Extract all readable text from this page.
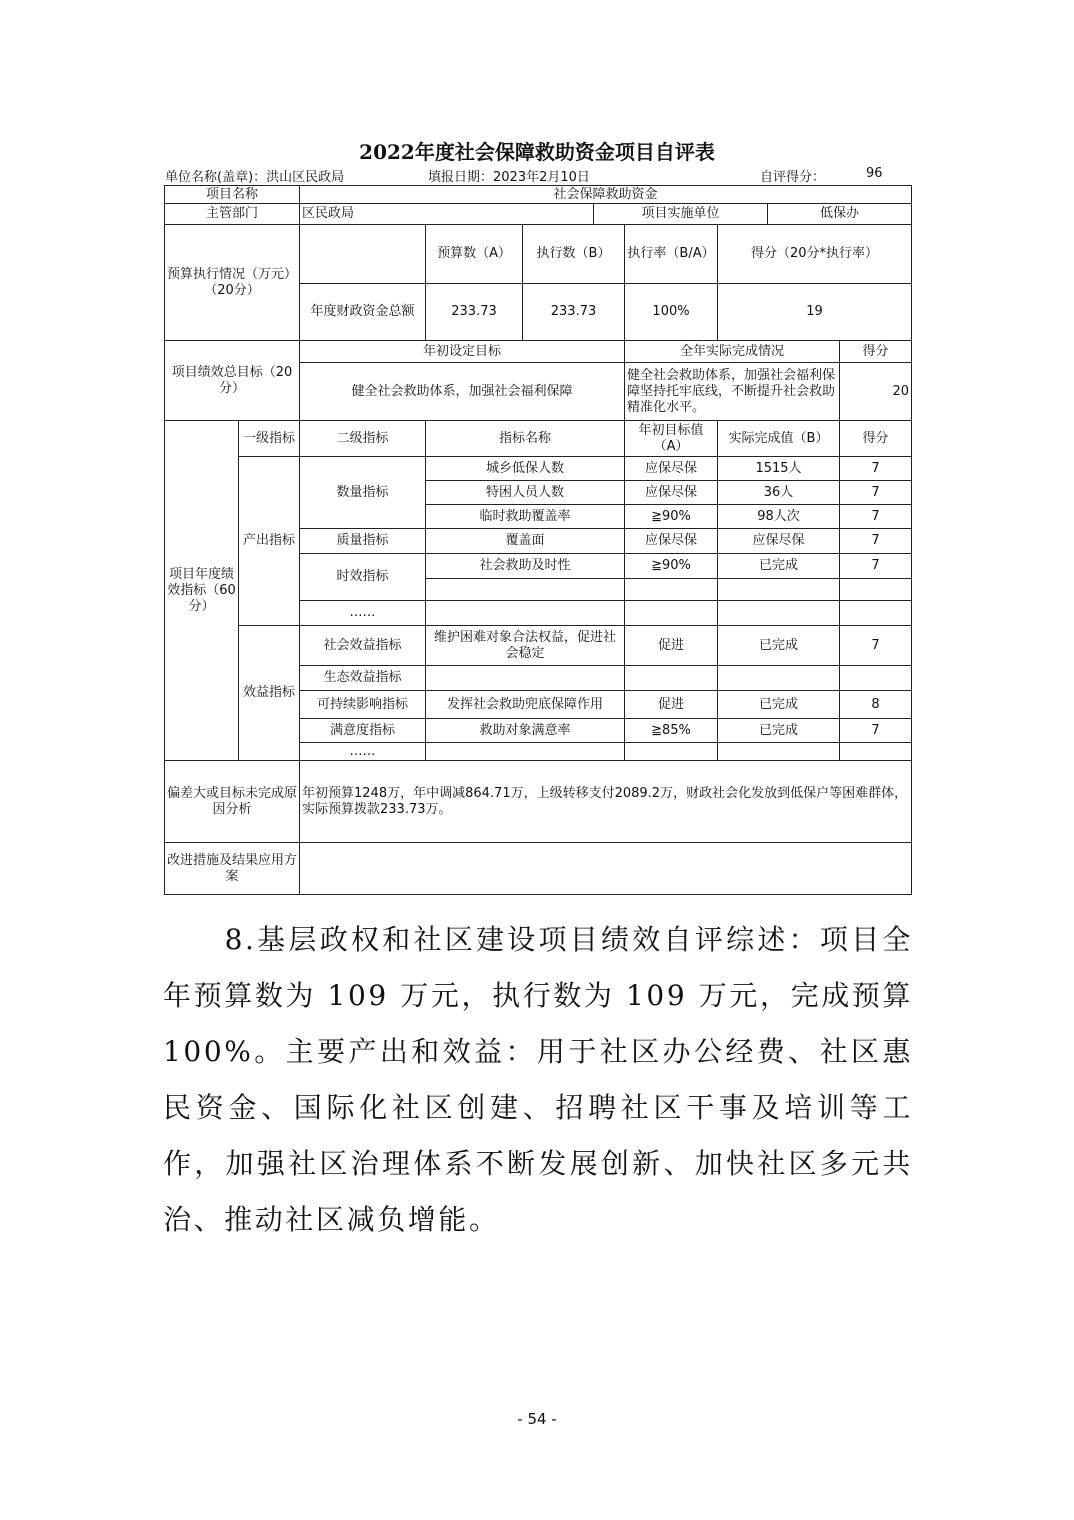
2022年度社会保障救助资金项目自评表
单位名称(盖章)：洪山区民政局	填报日期：2023年2月10日	自评得分：	96
项目名称		社会保障救助资金							
主管部门		区民政局			项目实施单位			低保办	
预算执行情况（万元）（20分）			预算数（A）	执行数（B）		执行率（B/A）	得分（20分*执行率）		
		年度财政资金总额	233.73	233.73		100%	19		
项目绩效总目标（20分）		年初设定目标				全年实际完成情况			得分
		健全社会救助体系，加强社会福利保障				健全社会救助体系，加强社会福利保障坚持托牢底线，不断提升社会救助精准化水平。			20
项目年度绩效指标（60分）	一级指标	二级指标	指标名称			年初目标值（A）	实际完成值（B）		得分
	产出指标	数量指标	城乡低保人数			应保尽保	1515人		7
			特困人员人数			应保尽保	36人		7
			临时救助覆盖率			≧90%	98人次		7
		质量指标	覆盖面			应保尽保	应保尽保		7
		时效指标	社会救助及时性			≧90%	已完成		7

		……							
	效益指标	社会效益指标	维护困难对象合法权益，促进社会稳定			促进	已完成		7
		生态效益指标							
		可持续影响指标	发挥社会救助兜底保障作用			促进	已完成		8
		满意度指标	救助对象满意率			≧85%	已完成		7
		……							
偏差大或目标未完成原因分析		年初预算1248万，年中调减864.71万，上级转移支付2089.2万，财政社会化发放到低保户等困难群体，实际预算拨款233.73万。							
改进措施及结果应用方案									
8.基层政权和社区建设项目绩效自评综述：项目全年预算数为 109 万元，执行数为 109 万元，完成预算 100%。主要产出和效益：用于社区办公经费、社区惠民资金、国际化社区创建、招聘社区干事及培训等工作，加强社区治理体系不断发展创新、加快社区多元共治、推动社区减负增能。
- 54 -
